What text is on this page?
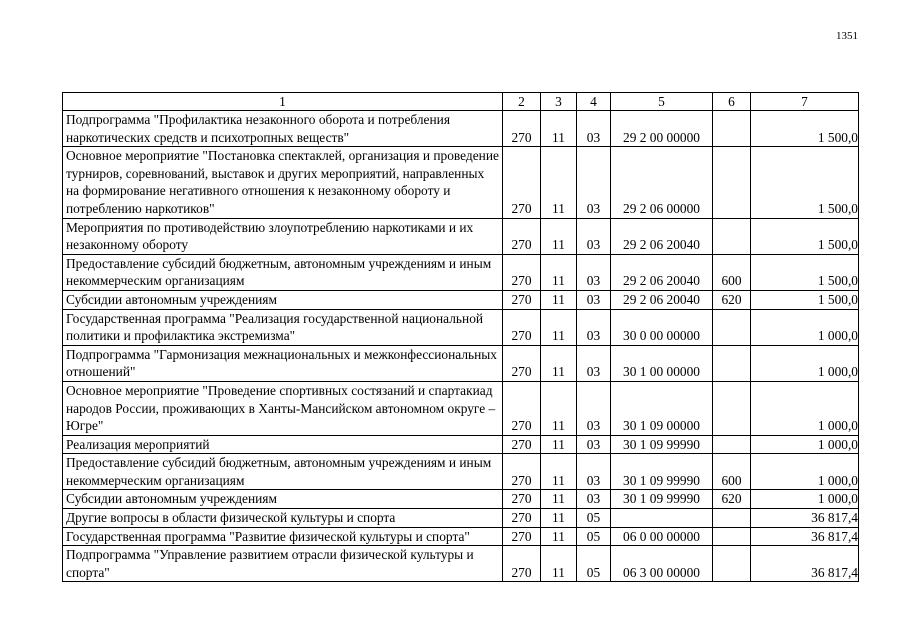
1351
1	2	3	4	5	6	7
Подпрограмма "Профилактика незаконного оборота и потребления наркотических средств и психотропных веществ"	270	11	03	29 2 00 00000		1 500,0
Основное мероприятие "Постановка спектаклей, организация и проведение турниров, соревнований, выставок и других мероприятий, направленных на формирование негативного отношения к незаконному обороту и потреблению наркотиков"	270	11	03	29 2 06 00000		1 500,0
Мероприятия по противодействию злоупотреблению наркотиками и их незаконному обороту	270	11	03	29 2 06 20040		1 500,0
Предоставление субсидий бюджетным, автономным учреждениям и иным некоммерческим организациям	270	11	03	29 2 06 20040	600	1 500,0
Субсидии автономным учреждениям	270	11	03	29 2 06 20040	620	1 500,0
Государственная программа "Реализация государственной национальной политики и профилактика экстремизма"	270	11	03	30 0 00 00000		1 000,0
Подпрограмма "Гармонизация межнациональных и межконфессиональных отношений"	270	11	03	30 1 00 00000		1 000,0
Основное мероприятие "Проведение спортивных состязаний и спартакиад народов России, проживающих в Ханты-Мансийском автономном округе – Югре"	270	11	03	30 1 09 00000		1 000,0
Реализация мероприятий	270	11	03	30 1 09 99990		1 000,0
Предоставление субсидий бюджетным, автономным учреждениям и иным некоммерческим организациям	270	11	03	30 1 09 99990	600	1 000,0
Субсидии автономным учреждениям	270	11	03	30 1 09 99990	620	1 000,0
Другие вопросы в области физической культуры и спорта	270	11	05			36 817,4
Государственная программа "Развитие физической культуры и спорта"	270	11	05	06 0 00 00000		36 817,4
Подпрограмма "Управление развитием отрасли физической культуры и спорта"	270	11	05	06 3 00 00000		36 817,4
